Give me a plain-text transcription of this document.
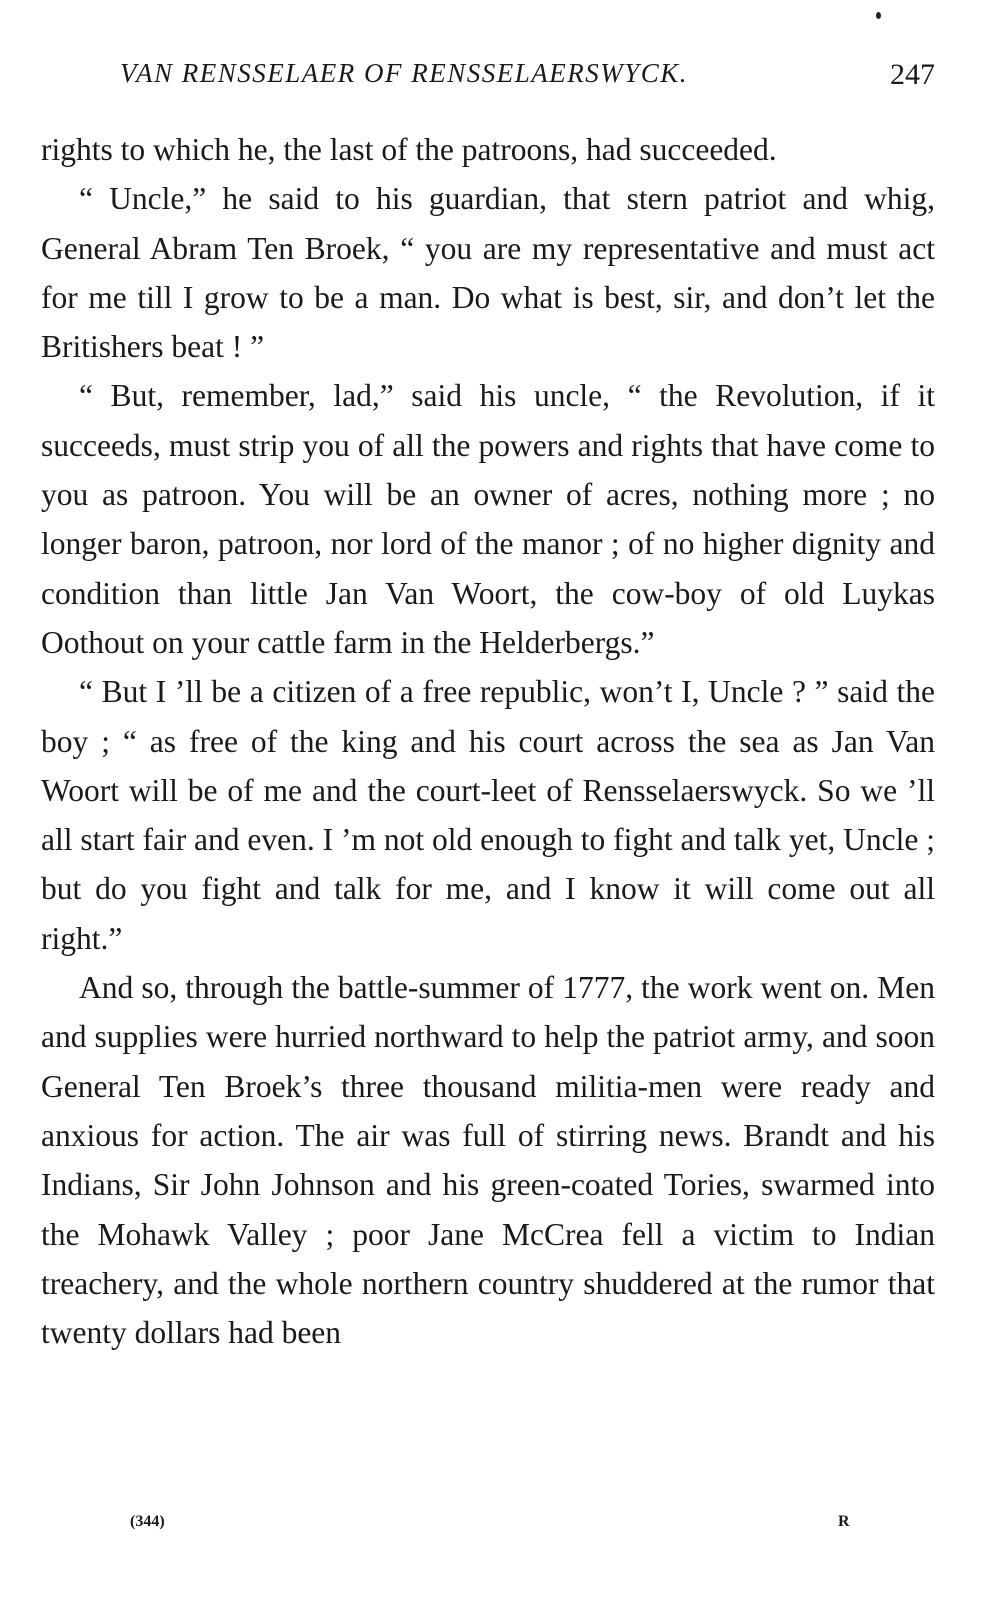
VAN RENSSELAER OF RENSSELAERSWYCK.	247

rights to which he, the last of the patroons, had succeeded.

“ Uncle,” he said to his guardian, that stern patriot and whig, General Abram Ten Broek, “ you are my representative and must act for me till I grow to be a man. Do what is best, sir, and don’t let the Britishers beat ! ”

“ But, remember, lad,” said his uncle, “ the Revolution, if it succeeds, must strip you of all the powers and rights that have come to you as patroon. You will be an owner of acres, nothing more ; no longer baron, patroon, nor lord of the manor ; of no higher dignity and condition than little Jan Van Woort, the cow-boy of old Luykas Oothout on your cattle farm in the Helderbergs.”

“ But I ’ll be a citizen of a free republic, won’t I, Uncle ? ” said the boy ; “ as free of the king and his court across the sea as Jan Van Woort will be of me and the court-leet of Rensselaerswyck. So we ’ll all start fair and even. I ’m not old enough to fight and talk yet, Uncle ; but do you fight and talk for me, and I know it will come out all right.”

And so, through the battle-summer of 1777, the work went on. Men and supplies were hurried northward to help the patriot army, and soon General Ten Broek’s three thousand militia-men were ready and anxious for action. The air was full of stirring news. Brandt and his Indians, Sir John Johnson and his green-coated Tories, swarmed into the Mohawk Valley ; poor Jane McCrea fell a victim to Indian treachery, and the whole northern country shuddered at the rumor that twenty dollars had been

(344)	R
